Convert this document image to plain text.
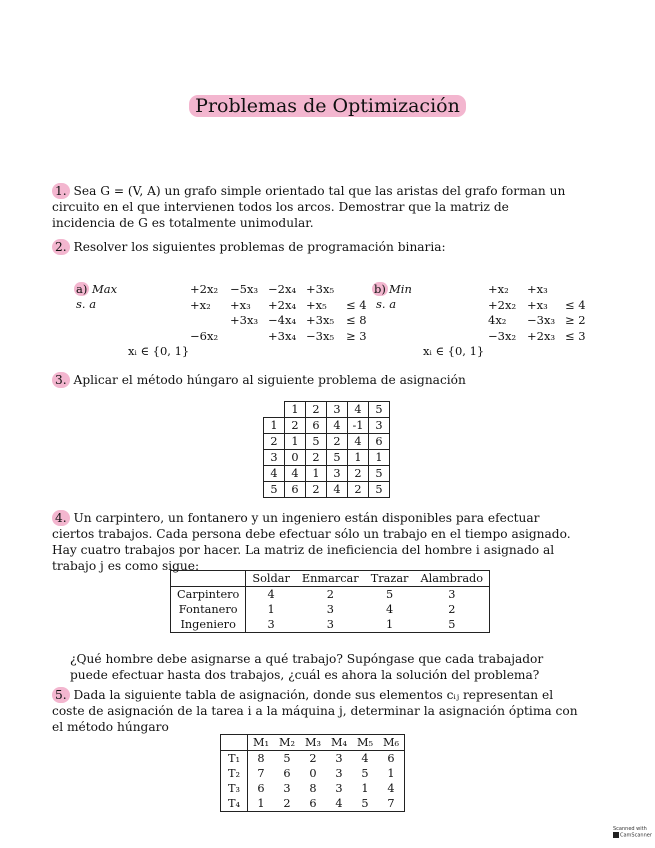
Problemas de Optimización
1. Sea G = (V, A) un grafo simple orientado tal que las aristas del grafo forman un circuito en el que intervienen todos los arcos. Demostrar que la matriz de incidencia de G es totalmente unimodular.
2. Resolver los siguientes problemas de programación binaria:
a) Max
s. a
+2x₂ −5x₃ −2x₄ +3x₅
+x₂ +x₃ +2x₄ +x₅ ≤ 4
+3x₃ −4x₄ +3x₅ ≤ 8
−6x₂	+3x₄ −3x₅ ≥ 3
xᵢ ∈ {0, 1}
b) Min
s. a
+x₂ +x₃
+2x₂ +x₃ ≤ 4
4x₂ −3x₃ ≥ 2
−3x₂ +2x₃ ≤ 3
xᵢ ∈ {0, 1}
3. Aplicar el método húngaro al siguiente problema de asignación
	1	2	3	4	5
1	2	6	4	-1	3
2	1	5	2	4	6
3	0	2	5	1	1
4	4	1	3	2	5
5	6	2	4	2	5
4. Un carpintero, un fontanero y un ingeniero están disponibles para efectuar ciertos trabajos. Cada persona debe efectuar sólo un trabajo en el tiempo asignado. Hay cuatro trabajos por hacer. La matriz de ineficiencia del hombre i asignado al trabajo j es como sigue:
	Soldar	Enmarcar	Trazar	Alambrado
Carpintero	4	2	5	3
Fontanero	1	3	4	2
Ingeniero	3	3	1	5
¿Qué hombre debe asignarse a qué trabajo? Supóngase que cada trabajador puede efectuar hasta dos trabajos, ¿cuál es ahora la solución del problema?
5. Dada la siguiente tabla de asignación, donde sus elementos cᵢⱼ representan el coste de asignación de la tarea i a la máquina j, determinar la asignación óptima con el método húngaro
	M₁	M₂	M₃	M₄	M₅	M₆
T₁	8	5	2	3	4	6
T₂	7	6	0	3	5	1
T₃	6	3	8	3	1	4
T₄	1	2	6	4	5	7
Scanned with
CamScanner
